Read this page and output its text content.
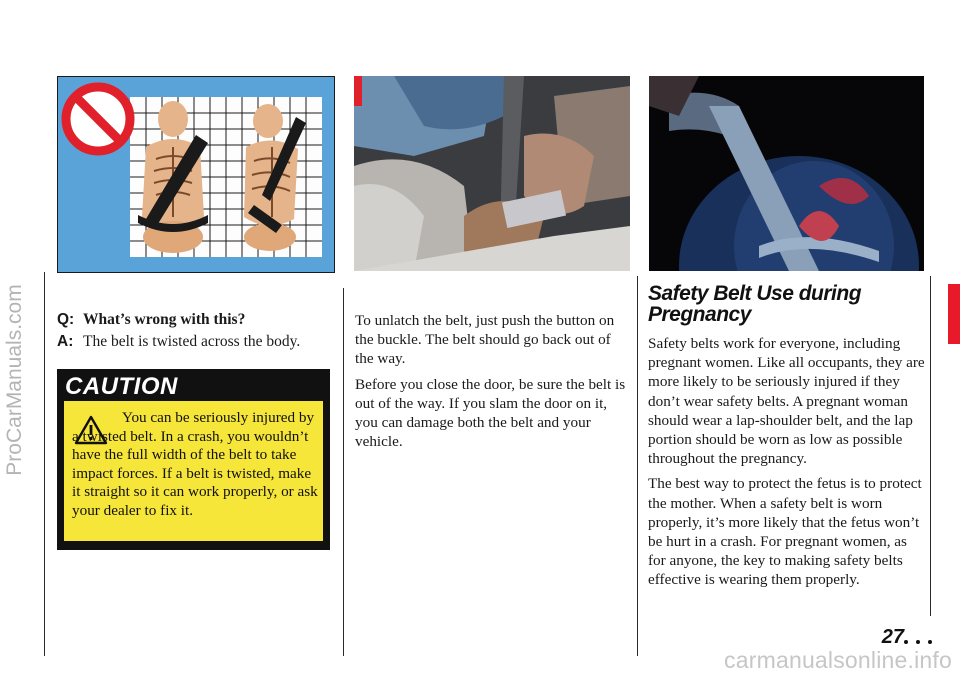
ProCarManuals.com Q: What’s wrong with this?
A: The belt is twisted across the body.
CAUTION

You can be seriously injured by a twisted belt. In a crash, you wouldn’t have the full width of the belt to take impact forces. If a belt is twisted, make it straight so it can work properly, or ask your dealer to fix it.

To unlatch the belt, just push the button on the buckle. The belt should go back out of the way.

Before you close the door, be sure the belt is out of the way. If you slam the door on it, you can damage both the belt and your vehicle.

Safety Belt Use during Pregnancy

Safety belts work for everyone, including pregnant women. Like all occupants, they are more likely to be seriously injured if they don’t wear safety belts. A pregnant woman should wear a lap-shoulder belt, and the lap portion should be worn as low as possible throughout the pregnancy.

The best way to protect the fetus is to protect the mother. When a safety belt is worn properly, it’s more likely that the fetus won’t be hurt in a crash. For pregnant women, as for anyone, the key to making safety belts effective is wearing them properly.

27
carmanualsonline.info
